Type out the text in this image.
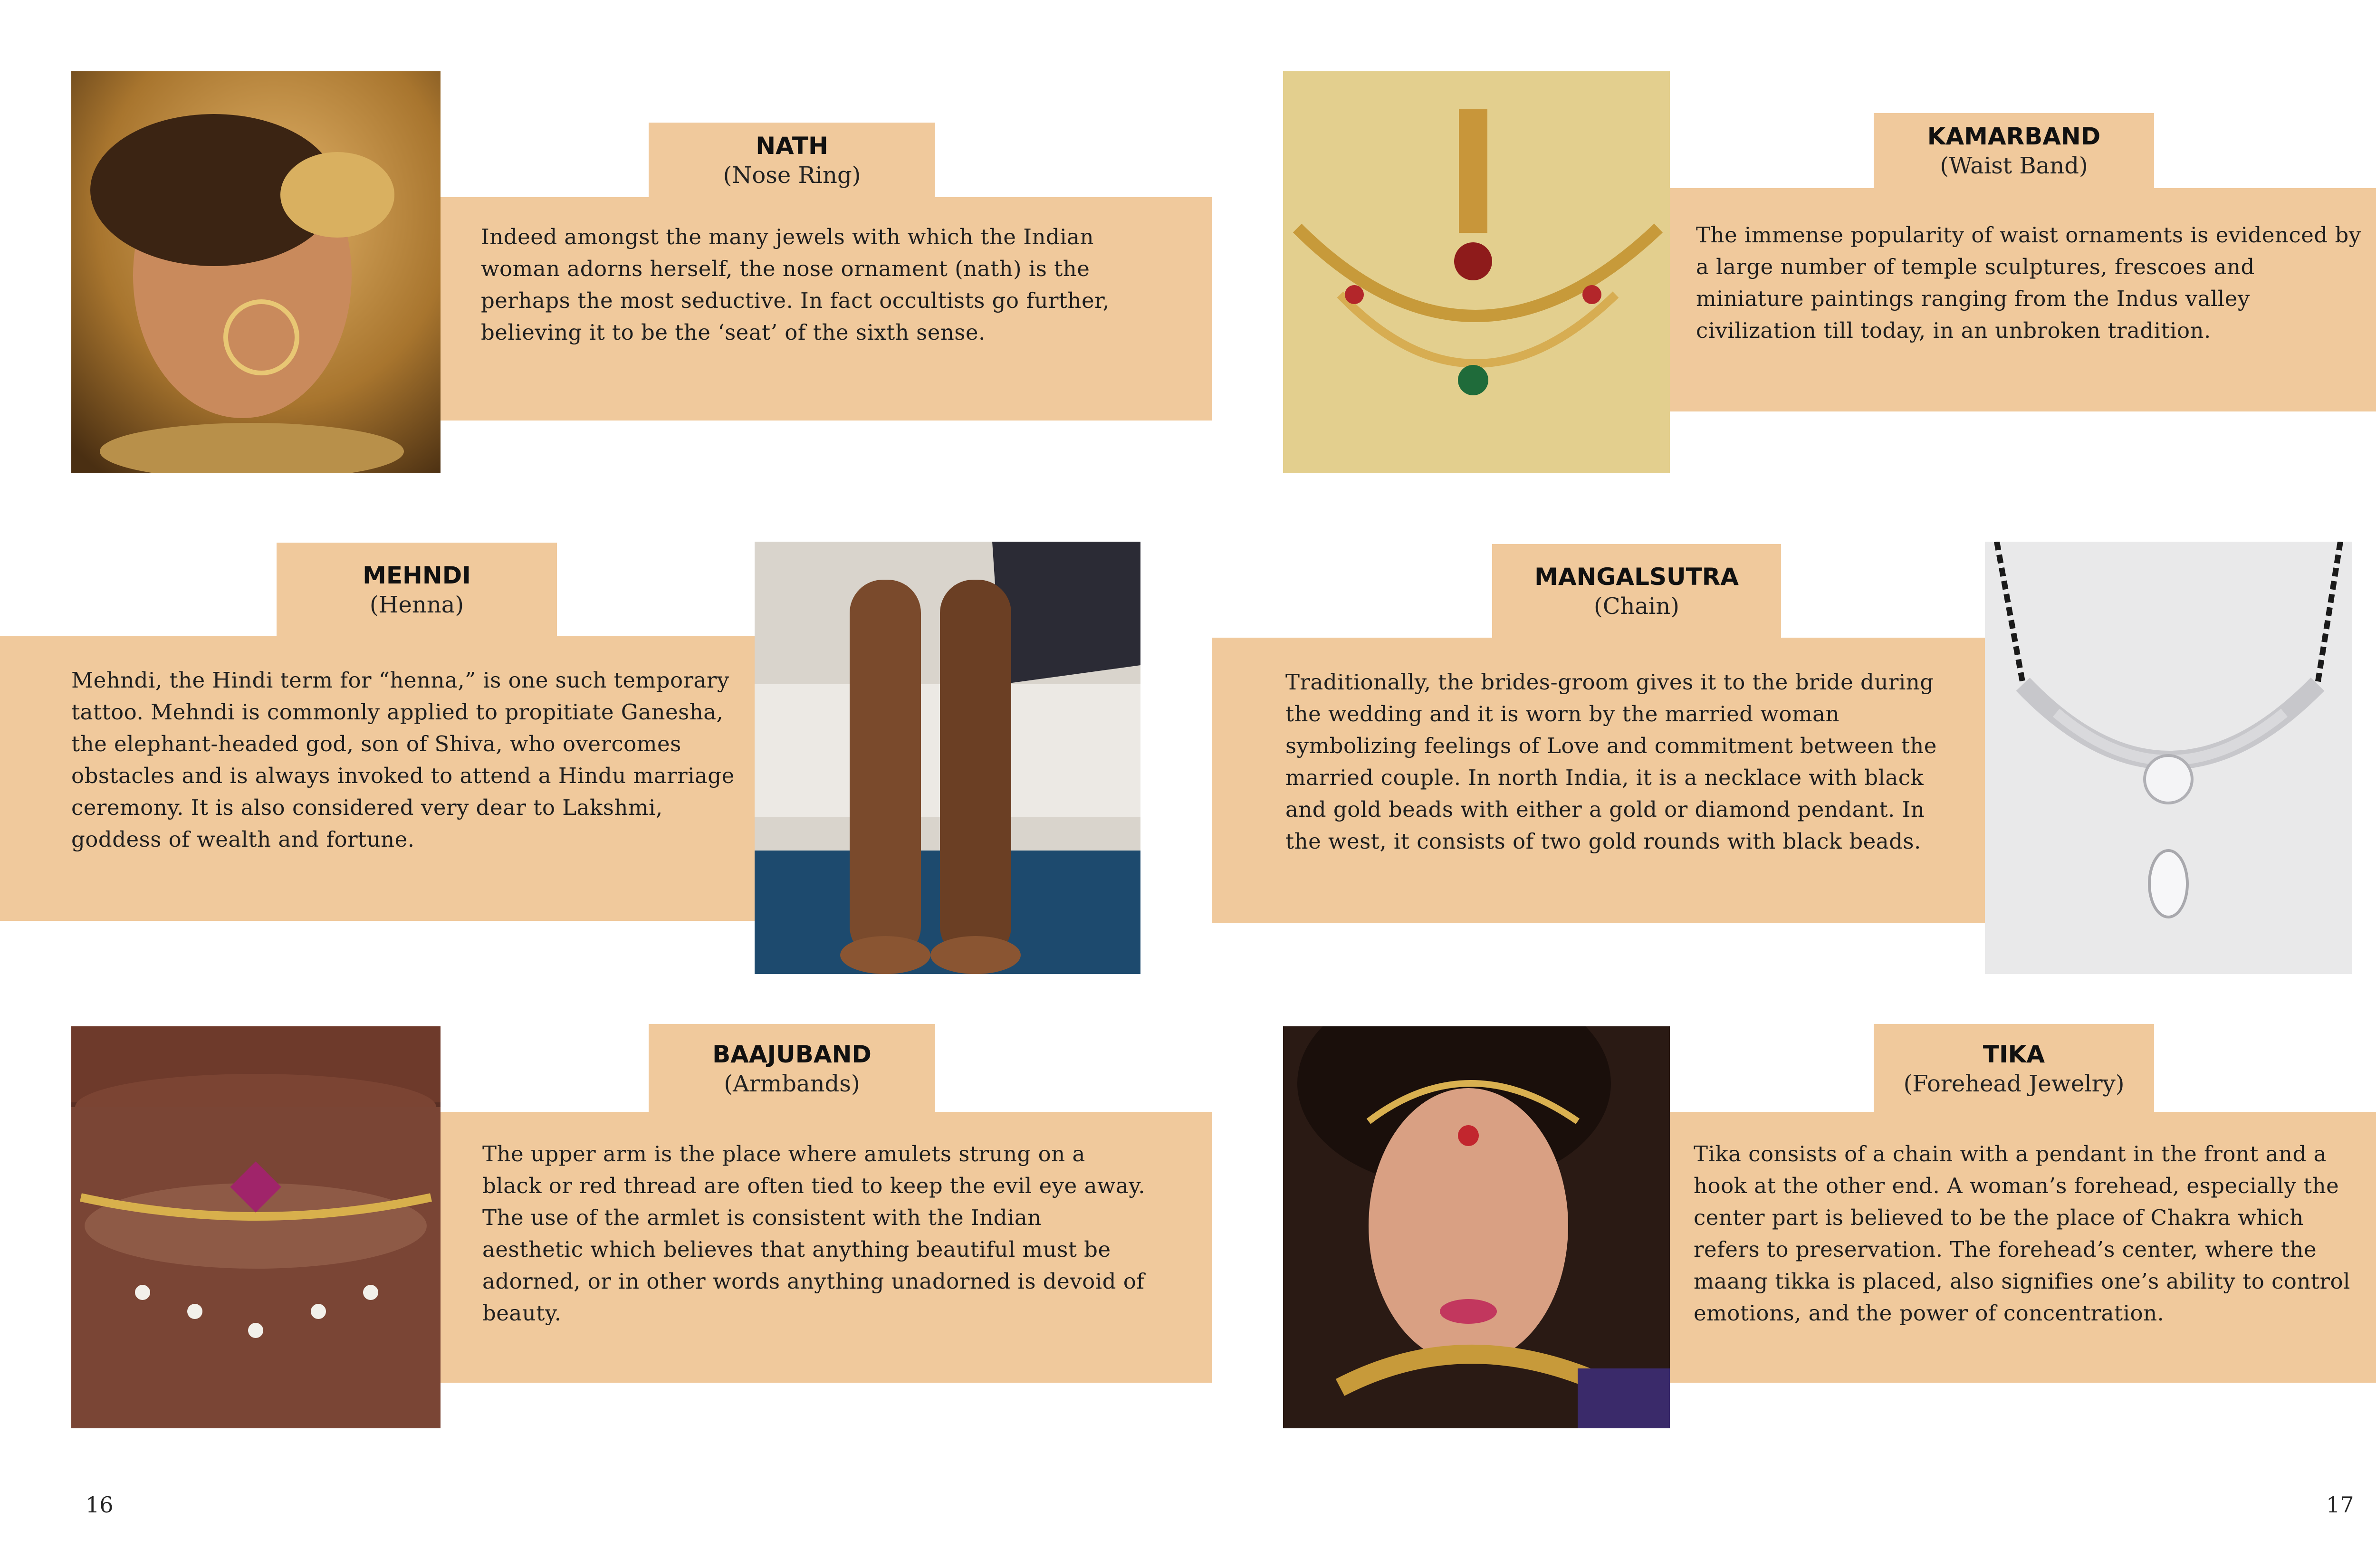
NATH
(Nose Ring)

Indeed amongst the many jewels with which the Indian woman adorns herself, the nose ornament (nath) is the perhaps the most seductive. In fact occultists go further, believing it to be the ‘seat’ of the sixth sense.

KAMARBAND
(Waist Band)

The immense popularity of waist ornaments is evidenced by a large number of temple sculptures, frescoes and miniature paintings ranging from the Indus valley civilization till today, in an unbroken tradition.

MEHNDI
(Henna)

Mehndi, the Hindi term for “henna,” is one such temporary tattoo. Mehndi is commonly applied to propitiate Ganesha, the elephant-headed god, son of Shiva, who overcomes obstacles and is always invoked to attend a Hindu marriage ceremony. It is also considered very dear to Lakshmi, goddess of wealth and fortune.

MANGALSUTRA
(Chain)

Traditionally, the brides-groom gives it to the bride during the wedding and it is worn by the married woman symbolizing feelings of Love and commitment between the married couple. In north India, it is a necklace with black and gold beads with either a gold or diamond pendant. In the west, it consists of two gold rounds with black beads.

BAAJUBAND
(Armbands)

The upper arm is the place where amulets strung on a black or red thread are often tied to keep the evil eye away. The use of the armlet is consistent with the Indian aesthetic which believes that anything beautiful must be adorned, or in other words anything unadorned is devoid of beauty.

TIKA
(Forehead Jewelry)

Tika consists of a chain with a pendant in the front and a hook at the other end. A woman’s forehead, especially the center part is believed to be the place of Chakra which refers to preservation. The forehead’s center, where the maang tikka is placed, also signifies one’s ability to control emotions, and the power of concentration.

16	17
